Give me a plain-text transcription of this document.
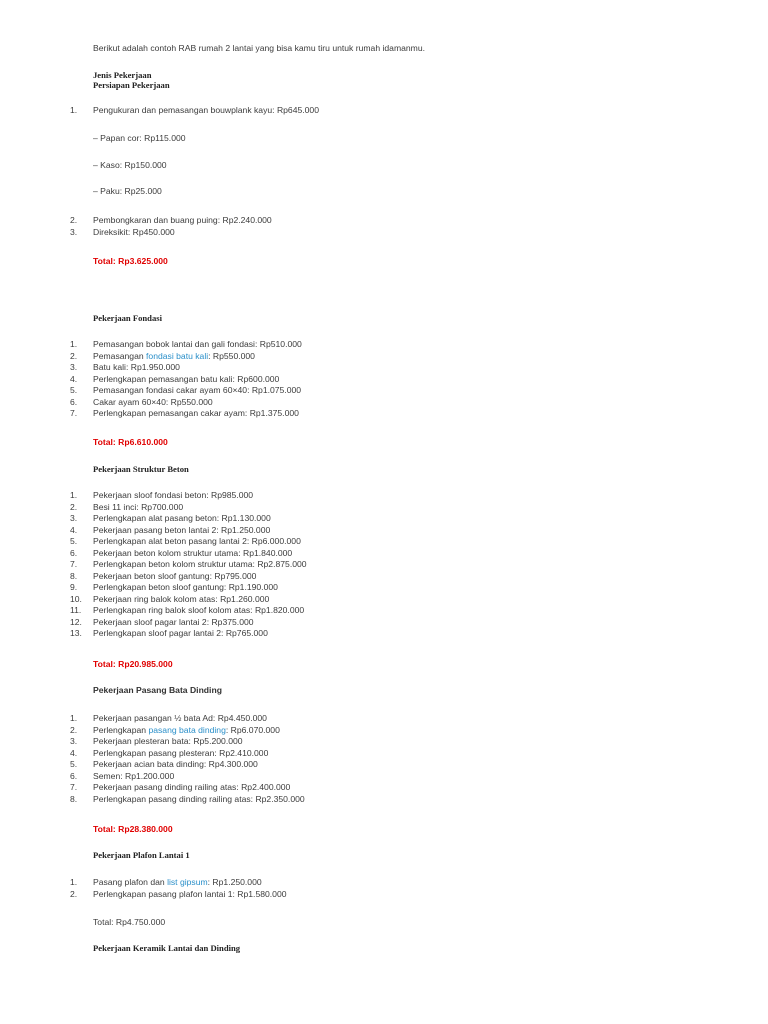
Berikut adalah contoh RAB rumah 2 lantai yang bisa kamu tiru untuk rumah idamanmu.
Jenis Pekerjaan
Persiapan Pekerjaan
1.	Pengukuran dan pemasangan bouwplank kayu: Rp645.000
– Papan cor: Rp115.000
– Kaso: Rp150.000
– Paku: Rp25.000
2.	Pembongkaran dan buang puing: Rp2.240.000
3.	Direksikit: Rp450.000
Total: Rp3.625.000
Pekerjaan Fondasi
1.	Pemasangan bobok lantai dan gali fondasi: Rp510.000
2.	Pemasangan fondasi batu kali: Rp550.000
3.	Batu kali: Rp1.950.000
4.	Perlengkapan pemasangan batu kali: Rp600.000
5.	Pemasangan fondasi cakar ayam 60×40: Rp1.075.000
6.	Cakar ayam 60×40: Rp550.000
7.	Perlengkapan pemasangan cakar ayam: Rp1.375.000
Total: Rp6.610.000
Pekerjaan Struktur Beton
1.	Pekerjaan sloof fondasi beton: Rp985.000
2.	Besi 11 inci: Rp700.000
3.	Perlengkapan alat pasang beton: Rp1.130.000
4.	Pekerjaan pasang beton lantai 2: Rp1.250.000
5.	Perlengkapan alat beton pasang lantai 2: Rp6.000.000
6.	Pekerjaan beton kolom struktur utama: Rp1.840.000
7.	Perlengkapan beton kolom struktur utama: Rp2.875.000
8.	Pekerjaan beton sloof gantung: Rp795.000
9.	Perlengkapan beton sloof gantung: Rp1.190.000
10.	Pekerjaan ring balok kolom atas: Rp1.260.000
11.	Perlengkapan ring balok sloof kolom atas: Rp1.820.000
12.	Pekerjaan sloof pagar lantai 2: Rp375.000
13.	Perlengkapan sloof pagar lantai 2: Rp765.000
Total: Rp20.985.000
Pekerjaan Pasang Bata Dinding
1.	Pekerjaan pasangan ½ bata Ad: Rp4.450.000
2.	Perlengkapan pasang bata dinding: Rp6.070.000
3.	Pekerjaan plesteran bata: Rp5.200.000
4.	Perlengkapan pasang plesteran: Rp2.410.000
5.	Pekerjaan acian bata dinding: Rp4.300.000
6.	Semen: Rp1.200.000
7.	Pekerjaan pasang dinding railing atas: Rp2.400.000
8.	Perlengkapan pasang dinding railing atas: Rp2.350.000
Total: Rp28.380.000
Pekerjaan Plafon Lantai 1
1.	Pasang plafon dan list gipsum: Rp1.250.000
2.	Perlengkapan pasang plafon lantai 1: Rp1.580.000
Total: Rp4.750.000
Pekerjaan Keramik Lantai dan Dinding
